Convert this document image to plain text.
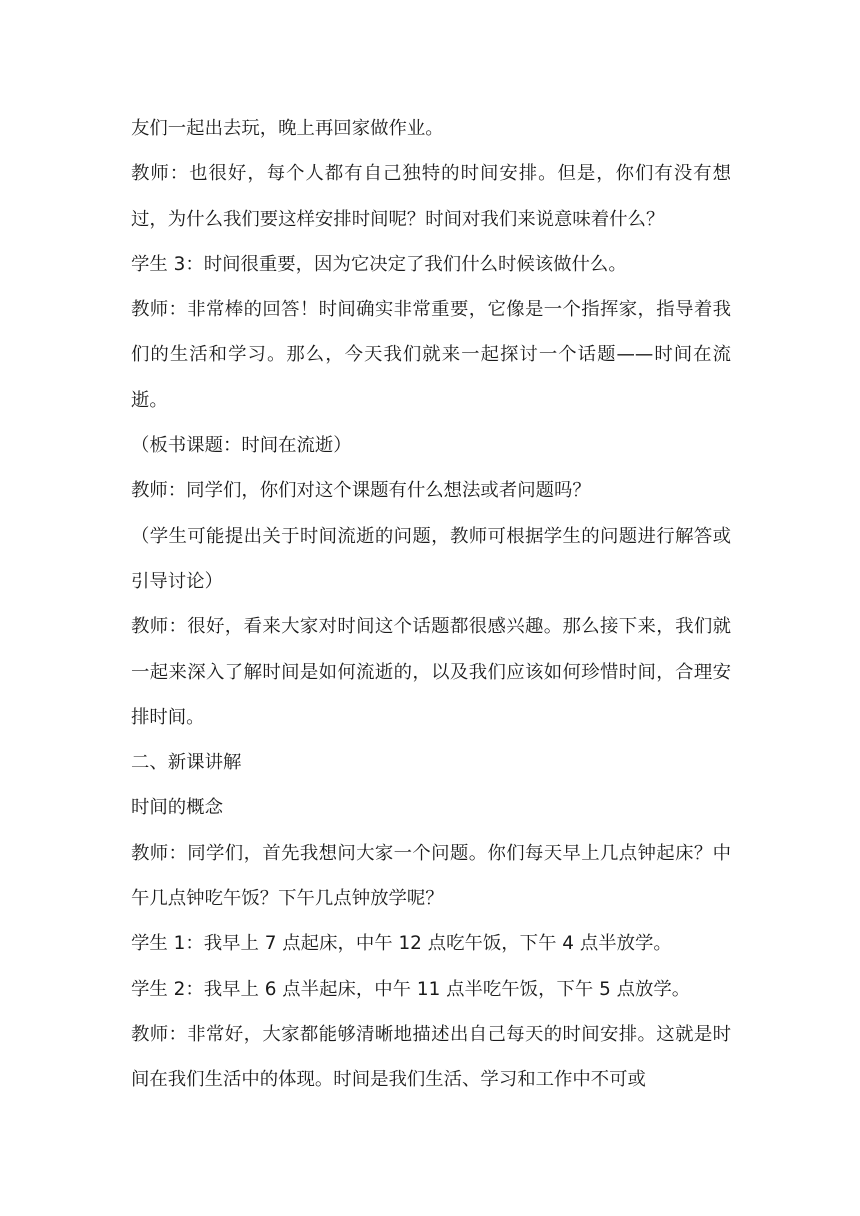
友们一起出去玩，晚上再回家做作业。

教师：也很好，每个人都有自己独特的时间安排。但是，你们有没有想过，为什么我们要这样安排时间呢？时间对我们来说意味着什么？

学生 3：时间很重要，因为它决定了我们什么时候该做什么。

教师：非常棒的回答！时间确实非常重要，它像是一个指挥家，指导着我们的生活和学习。那么，今天我们就来一起探讨一个话题——时间在流逝。

（板书课题：时间在流逝）

教师：同学们，你们对这个课题有什么想法或者问题吗？

（学生可能提出关于时间流逝的问题，教师可根据学生的问题进行解答或引导讨论）

教师：很好，看来大家对时间这个话题都很感兴趣。那么接下来，我们就一起来深入了解时间是如何流逝的，以及我们应该如何珍惜时间，合理安排时间。

二、新课讲解

时间的概念

教师：同学们，首先我想问大家一个问题。你们每天早上几点钟起床？中午几点钟吃午饭？下午几点钟放学呢？

学生 1：我早上 7 点起床，中午 12 点吃午饭，下午 4 点半放学。

学生 2：我早上 6 点半起床，中午 11 点半吃午饭，下午 5 点放学。

教师：非常好，大家都能够清晰地描述出自己每天的时间安排。这就是时间在我们生活中的体现。时间是我们生活、学习和工作中不可或
